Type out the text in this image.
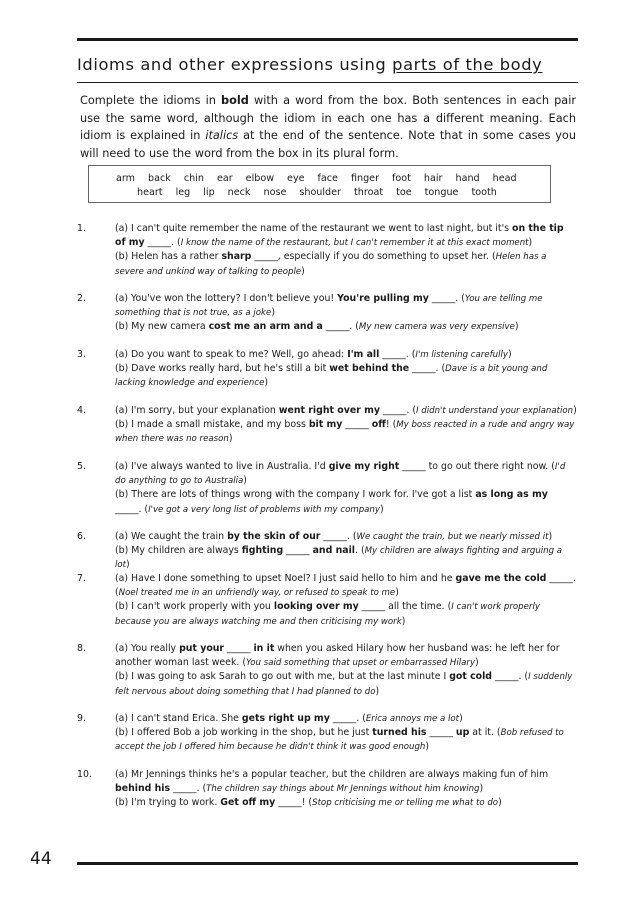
Idioms and other expressions using parts of the body
Complete the idioms in bold with a word from the box. Both sentences in each pair use the same word, although the idiom in each one has a different meaning. Each idiom is explained in italics at the end of the sentence. Note that in some cases you will need to use the word from the box in its plural form.
arm back chin ear elbow eye face finger foot hair hand head
heart leg lip neck nose shoulder throat toe tongue tooth
1.	(a) I can't quite remember the name of the restaurant we went to last night, but it's on the tip of my _____. (I know the name of the restaurant, but I can't remember it at this exact moment)
(b) Helen has a rather sharp _____, especially if you do something to upset her. (Helen has a severe and unkind way of talking to people)
2.	(a) You've won the lottery? I don't believe you! You're pulling my _____. (You are telling me something that is not true, as a joke)
(b) My new camera cost me an arm and a _____. (My new camera was very expensive)
3.	(a) Do you want to speak to me? Well, go ahead: I'm all _____. (I'm listening carefully)
(b) Dave works really hard, but he's still a bit wet behind the _____. (Dave is a bit young and lacking knowledge and experience)
4.	(a) I'm sorry, but your explanation went right over my _____. (I didn't understand your explanation)
(b) I made a small mistake, and my boss bit my _____ off! (My boss reacted in a rude and angry way when there was no reason)
5.	(a) I've always wanted to live in Australia. I'd give my right _____ to go out there right now. (I'd do anything to go to Australia)
(b) There are lots of things wrong with the company I work for. I've got a list as long as my _____. (I've got a very long list of problems with my company)
6.	(a) We caught the train by the skin of our _____. (We caught the train, but we nearly missed it)
(b) My children are always fighting _____ and nail. (My children are always fighting and arguing a lot)
7.	(a) Have I done something to upset Noel? I just said hello to him and he gave me the cold _____. (Noel treated me in an unfriendly way, or refused to speak to me)
(b) I can't work properly with you looking over my _____ all the time. (I can't work properly because you are always watching me and then criticising my work)
8.	(a) You really put your _____ in it when you asked Hilary how her husband was: he left her for another woman last week. (You said something that upset or embarrassed Hilary)
(b) I was going to ask Sarah to go out with me, but at the last minute I got cold _____. (I suddenly felt nervous about doing something that I had planned to do)
9.	(a) I can't stand Erica. She gets right up my _____. (Erica annoys me a lot)
(b) I offered Bob a job working in the shop, but he just turned his _____ up at it. (Bob refused to accept the job I offered him because he didn't think it was good enough)
10.	(a) Mr Jennings thinks he's a popular teacher, but the children are always making fun of him behind his _____. (The children say things about Mr Jennings without him knowing)
(b) I'm trying to work. Get off my _____! (Stop criticising me or telling me what to do)
44
